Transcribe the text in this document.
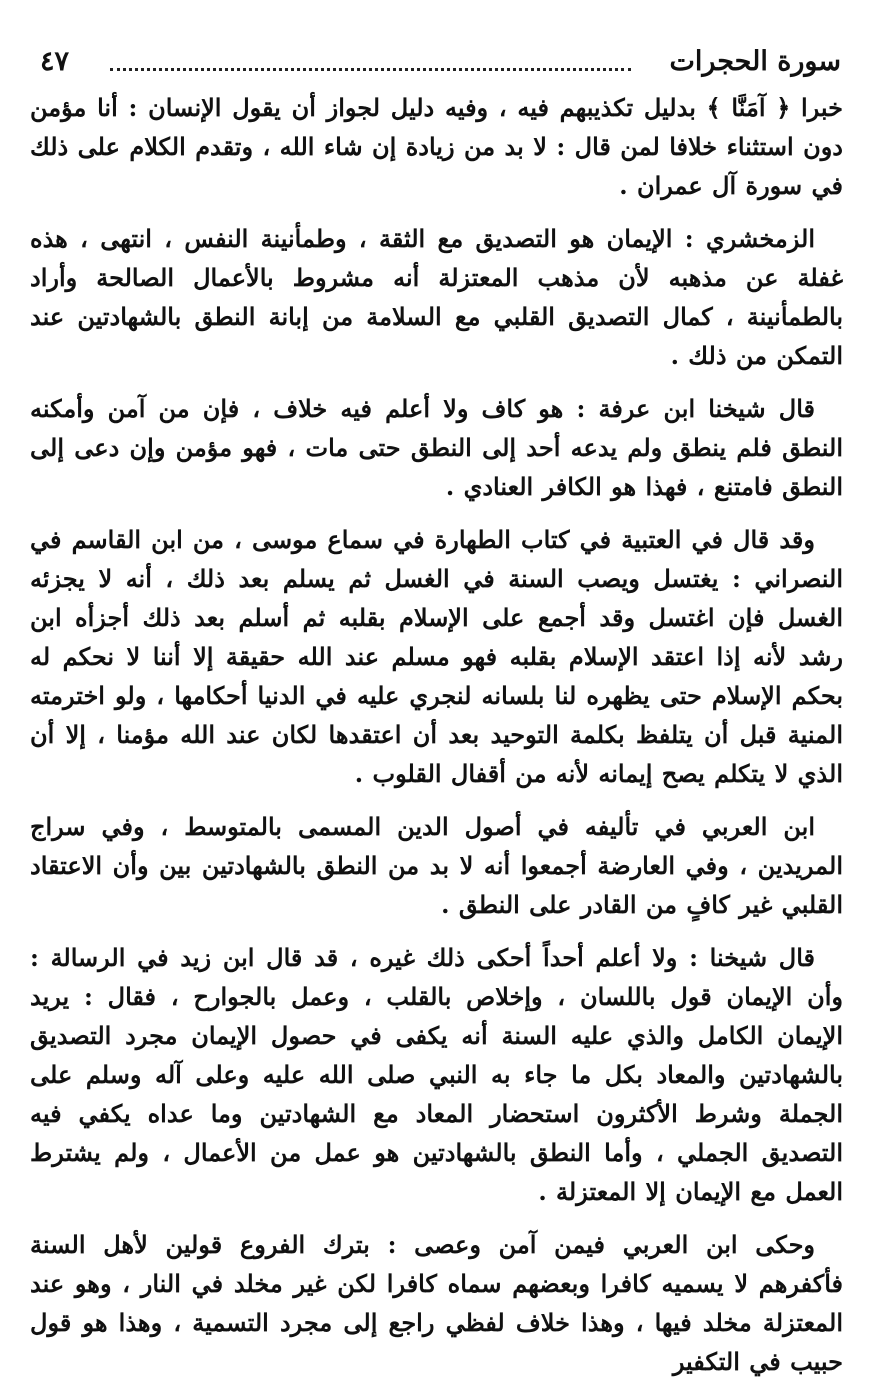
سورة الحجرات
٤٧

خبرا ﴿ آمَنَّا ﴾ بدليل تكذيبهم فيه ، وفيه دليل لجواز أن يقول الإنسان : أنا مؤمن دون استثناء خلافا لمن قال : لا بد من زيادة إن شاء الله ، وتقدم الكلام على ذلك في سورة آل عمران .

الزمخشري : الإيمان هو التصديق مع الثقة ، وطمأنينة النفس ، انتهى ، هذه غفلة عن مذهبه لأن مذهب المعتزلة أنه مشروط بالأعمال الصالحة وأراد بالطمأنينة ، كمال التصديق القلبي مع السلامة من إبانة النطق بالشهادتين عند التمكن من ذلك .

قال شيخنا ابن عرفة : هو كاف ولا أعلم فيه خلاف ، فإن من آمن وأمكنه النطق فلم ينطق ولم يدعه أحد إلى النطق حتى مات ، فهو مؤمن وإن دعى إلى النطق فامتنع ، فهذا هو الكافر العنادي .

وقد قال في العتبية في كتاب الطهارة في سماع موسى ، من ابن القاسم في النصراني : يغتسل ويصب السنة في الغسل ثم يسلم بعد ذلك ، أنه لا يجزئه الغسل فإن اغتسل وقد أجمع على الإسلام بقلبه ثم أسلم بعد ذلك أجزأه ابن رشد لأنه إذا اعتقد الإسلام بقلبه فهو مسلم عند الله حقيقة إلا أننا لا نحكم له بحكم الإسلام حتى يظهره لنا بلسانه لنجري عليه في الدنيا أحكامها ، ولو اخترمته المنية قبل أن يتلفظ بكلمة التوحيد بعد أن اعتقدها لكان عند الله مؤمنا ، إلا أن الذي لا يتكلم يصح إيمانه لأنه من أقفال القلوب .

ابن العربي في تأليفه في أصول الدين المسمى بالمتوسط ، وفي سراج المريدين ، وفي العارضة أجمعوا أنه لا بد من النطق بالشهادتين بين وأن الاعتقاد القلبي غير كافٍ من القادر على النطق .

قال شيخنا : ولا أعلم أحداً أحكى ذلك غيره ، قد قال ابن زيد في الرسالة : وأن الإيمان قول باللسان ، وإخلاص بالقلب ، وعمل بالجوارح ، فقال : يريد الإيمان الكامل والذي عليه السنة أنه يكفى في حصول الإيمان مجرد التصديق بالشهادتين والمعاد بكل ما جاء به النبي صلى الله عليه وعلى آله وسلم على الجملة وشرط الأكثرون استحضار المعاد مع الشهادتين وما عداه يكفي فيه التصديق الجملي ، وأما النطق بالشهادتين هو عمل من الأعمال ، ولم يشترط العمل مع الإيمان إلا المعتزلة .

وحكى ابن العربي فيمن آمن وعصى : بترك الفروع قولين لأهل السنة فأكفرهم لا يسميه كافرا وبعضهم سماه كافرا لكن غير مخلد في النار ، وهو عند المعتزلة مخلد فيها ، وهذا خلاف لفظي راجع إلى مجرد التسمية ، وهذا هو قول حبيب في التكفير
